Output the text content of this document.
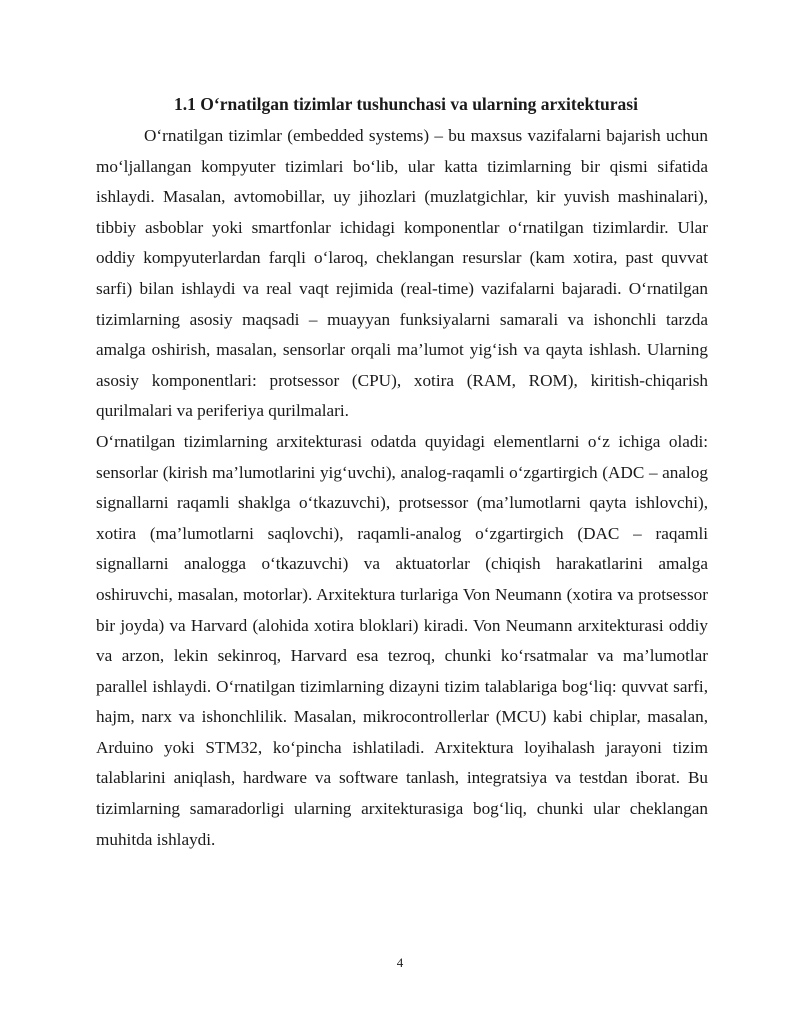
1.1 O‘rnatilgan tizimlar tushunchasi va ularning arxitekturasi

O‘rnatilgan tizimlar (embedded systems) – bu maxsus vazifalarni bajarish uchun mo‘ljallangan kompyuter tizimlari bo‘lib, ular katta tizimlarning bir qismi sifatida ishlaydi. Masalan, avtomobillar, uy jihozlari (muzlatgichlar, kir yuvish mashinalari), tibbiy asboblar yoki smartfonlar ichidagi komponentlar o‘rnatilgan tizimlardir. Ular oddiy kompyuterlardan farqli o‘laroq, cheklangan resurslar (kam xotira, past quvvat sarfi) bilan ishlaydi va real vaqt rejimida (real-time) vazifalarni bajaradi. O‘rnatilgan tizimlarning asosiy maqsadi – muayyan funksiyalarni samarali va ishonchli tarzda amalga oshirish, masalan, sensorlar orqali ma’lumot yig‘ish va qayta ishlash. Ularning asosiy komponentlari: protsessor (CPU), xotira (RAM, ROM), kiritish-chiqarish qurilmalari va periferiya qurilmalari.

O‘rnatilgan tizimlarning arxitekturasi odatda quyidagi elementlarni o‘z ichiga oladi: sensorlar (kirish ma’lumotlarini yig‘uvchi), analog-raqamli o‘zgartirgich (ADC – analog signallarni raqamli shaklga o‘tkazuvchi), protsessor (ma’lumotlarni qayta ishlovchi), xotira (ma’lumotlarni saqlovchi), raqamli-analog o‘zgartirgich (DAC – raqamli signallarni analogga o‘tkazuvchi) va aktuatorlar (chiqish harakatlarini amalga oshiruvchi, masalan, motorlar). Arxitektura turlariga Von Neumann (xotira va protsessor bir joyda) va Harvard (alohida xotira bloklari) kiradi. Von Neumann arxitekturasi oddiy va arzon, lekin sekinroq, Harvard esa tezroq, chunki ko‘rsatmalar va ma’lumotlar parallel ishlaydi. O‘rnatilgan tizimlarning dizayni tizim talablariga bog‘liq: quvvat sarfi, hajm, narx va ishonchlilik. Masalan, mikrocontrollerlar (MCU) kabi chiplar, masalan, Arduino yoki STM32, ko‘pincha ishlatiladi. Arxitektura loyihalash jarayoni tizim talablarini aniqlash, hardware va software tanlash, integratsiya va testdan iborat. Bu tizimlarning samaradorligi ularning arxitekturasiga bog‘liq, chunki ular cheklangan muhitda ishlaydi.

4
